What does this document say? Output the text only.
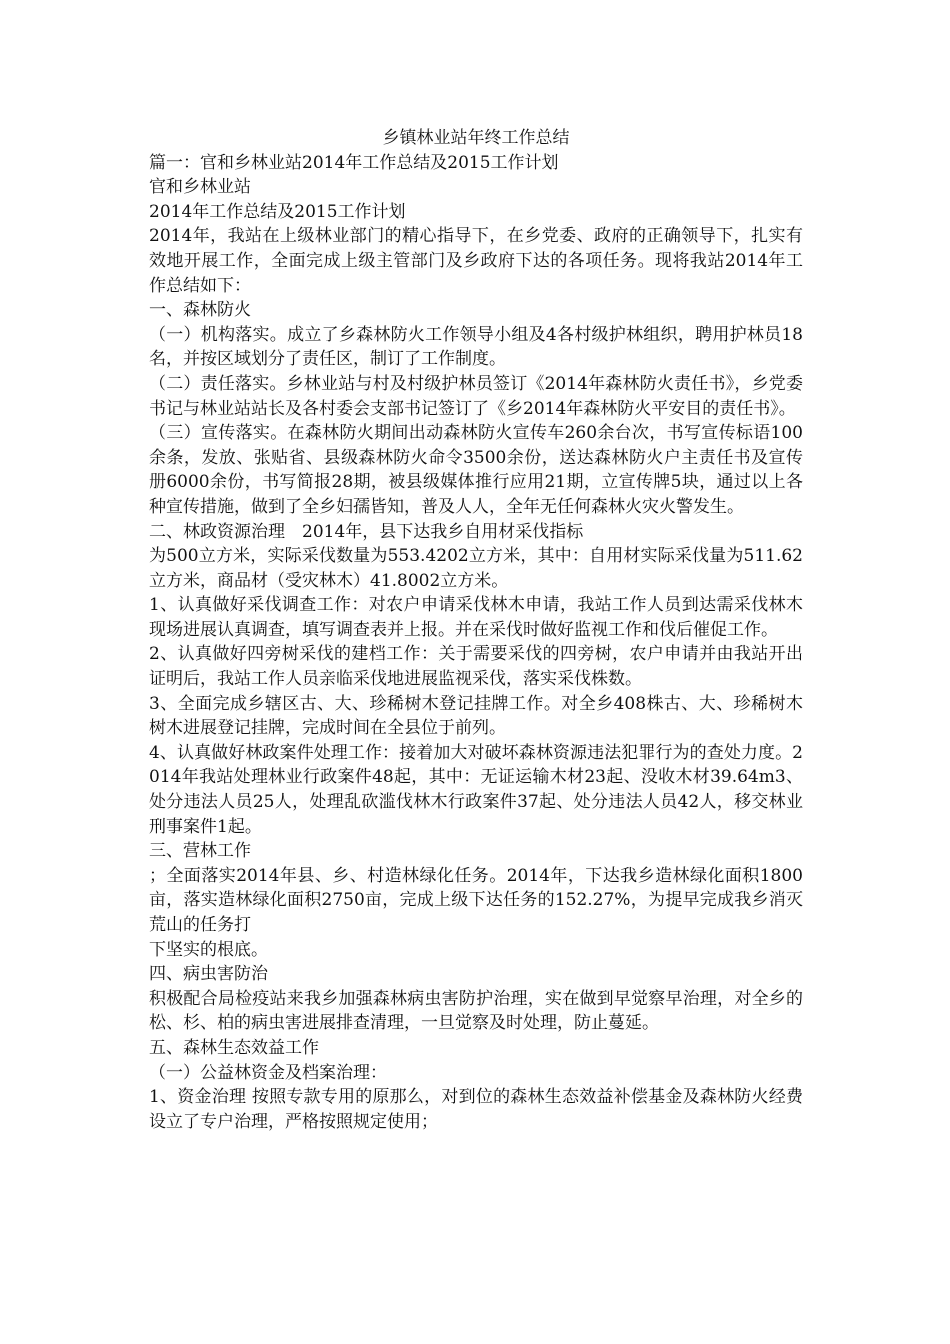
乡镇林业站年终工作总结

篇一：官和乡林业站2014年工作总结及2015工作计划

官和乡林业站

2014年工作总结及2015工作计划

2014年，我站在上级林业部门的精心指导下，在乡党委、政府的正确领导下，扎实有效地开展工作，全面完成上级主管部门及乡政府下达的各项任务。现将我站2014年工作总结如下：

一、森林防火

（一）机构落实。成立了乡森林防火工作领导小组及4各村级护林组织，聘用护林员18名，并按区域划分了责任区，制订了工作制度。

（二）责任落实。乡林业站与村及村级护林员签订《2014年森林防火责任书》，乡党委书记与林业站站长及各村委会支部书记签订了《乡2014年森林防火平安目的责任书》。

（三）宣传落实。在森林防火期间出动森林防火宣传车260余台次，书写宣传标语100余条，发放、张贴省、县级森林防火命令3500余份，送达森林防火户主责任书及宣传册6000余份，书写简报28期，被县级媒体推行应用21期，立宣传牌5块，通过以上各种宣传措施，做到了全乡妇孺皆知，普及人人，全年无任何森林火灾火警发生。

二、林政资源治理　2014年，县下达我乡自用材采伐指标

为500立方米，实际采伐数量为553.4202立方米，其中：自用材实际采伐量为511.62立方米，商品材（受灾林木）41.8002立方米。

1、认真做好采伐调查工作：对农户申请采伐林木申请，我站工作人员到达需采伐林木现场进展认真调查，填写调查表并上报。并在采伐时做好监视工作和伐后催促工作。

2、认真做好四旁树采伐的建档工作：关于需要采伐的四旁树，农户申请并由我站开出证明后，我站工作人员亲临采伐地进展监视采伐，落实采伐株数。

3、全面完成乡辖区古、大、珍稀树木登记挂牌工作。对全乡408株古、大、珍稀树木树木进展登记挂牌，完成时间在全县位于前列。

4、认真做好林政案件处理工作：接着加大对破坏森林资源违法犯罪行为的查处力度。2014年我站处理林业行政案件48起，其中：无证运输木材23起、没收木材39.64m3、处分违法人员25人，处理乱砍滥伐林木行政案件37起、处分违法人员42人，移交林业刑事案件1起。

三、营林工作

；全面落实2014年县、乡、村造林绿化任务。2014年，下达我乡造林绿化面积1800亩，落实造林绿化面积2750亩，完成上级下达任务的152.27%，为提早完成我乡消灭荒山的任务打

下坚实的根底。

四、病虫害防治

积极配合局检疫站来我乡加强森林病虫害防护治理，实在做到早觉察早治理，对全乡的松、杉、柏的病虫害进展排查清理，一旦觉察及时处理，防止蔓延。

五、森林生态效益工作

（一）公益林资金及档案治理：

1、资金治理 按照专款专用的原那么，对到位的森林生态效益补偿基金及森林防火经费设立了专户治理，严格按照规定使用；
